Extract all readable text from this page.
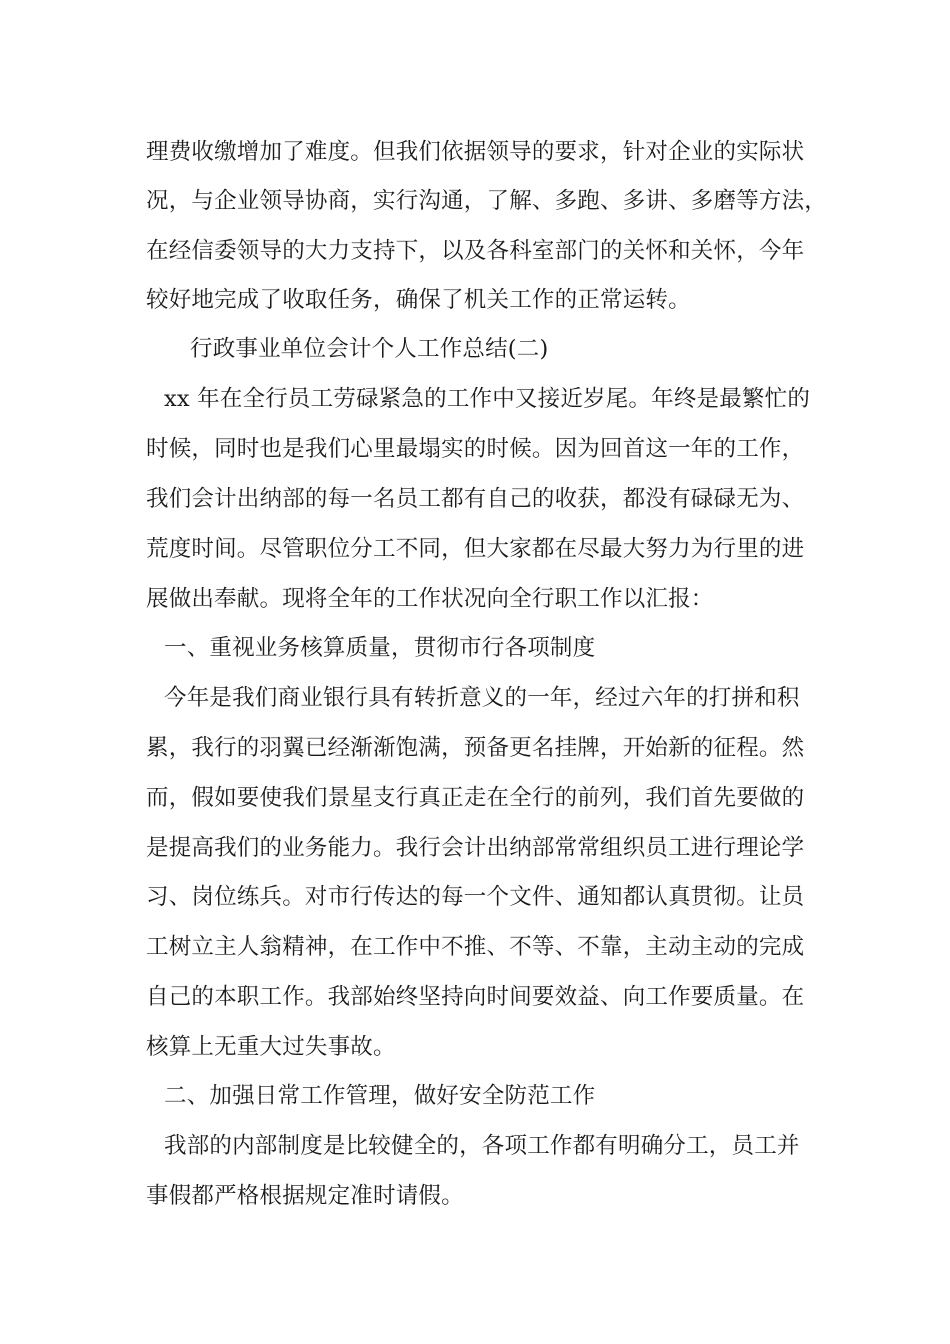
理费收缴增加了难度。但我们依据领导的要求，针对企业的实际状
况，与企业领导协商，实行沟通，了解、多跑、多讲、多磨等方法，
在经信委领导的大力支持下，以及各科室部门的关怀和关怀，今年
较好地完成了收取任务，确保了机关工作的正常运转。
行政事业单位会计个人工作总结(二)
xx 年在全行员工劳碌紧急的工作中又接近岁尾。年终是最繁忙的
时候，同时也是我们心里最塌实的时候。因为回首这一年的工作，
我们会计出纳部的每一名员工都有自己的收获，都没有碌碌无为、
荒度时间。尽管职位分工不同，但大家都在尽最大努力为行里的进
展做出奉献。现将全年的工作状况向全行职工作以汇报：
一、重视业务核算质量，贯彻市行各项制度
今年是我们商业银行具有转折意义的一年，经过六年的打拼和积
累，我行的羽翼已经渐渐饱满，预备更名挂牌，开始新的征程。然
而，假如要使我们景星支行真正走在全行的前列，我们首先要做的
是提高我们的业务能力。我行会计出纳部常常组织员工进行理论学
习、岗位练兵。对市行传达的每一个文件、通知都认真贯彻。让员
工树立主人翁精神，在工作中不推、不等、不靠，主动主动的完成
自己的本职工作。我部始终坚持向时间要效益、向工作要质量。在
核算上无重大过失事故。
二、加强日常工作管理，做好安全防范工作
我部的内部制度是比较健全的，各项工作都有明确分工，员工并
事假都严格根据规定准时请假。
